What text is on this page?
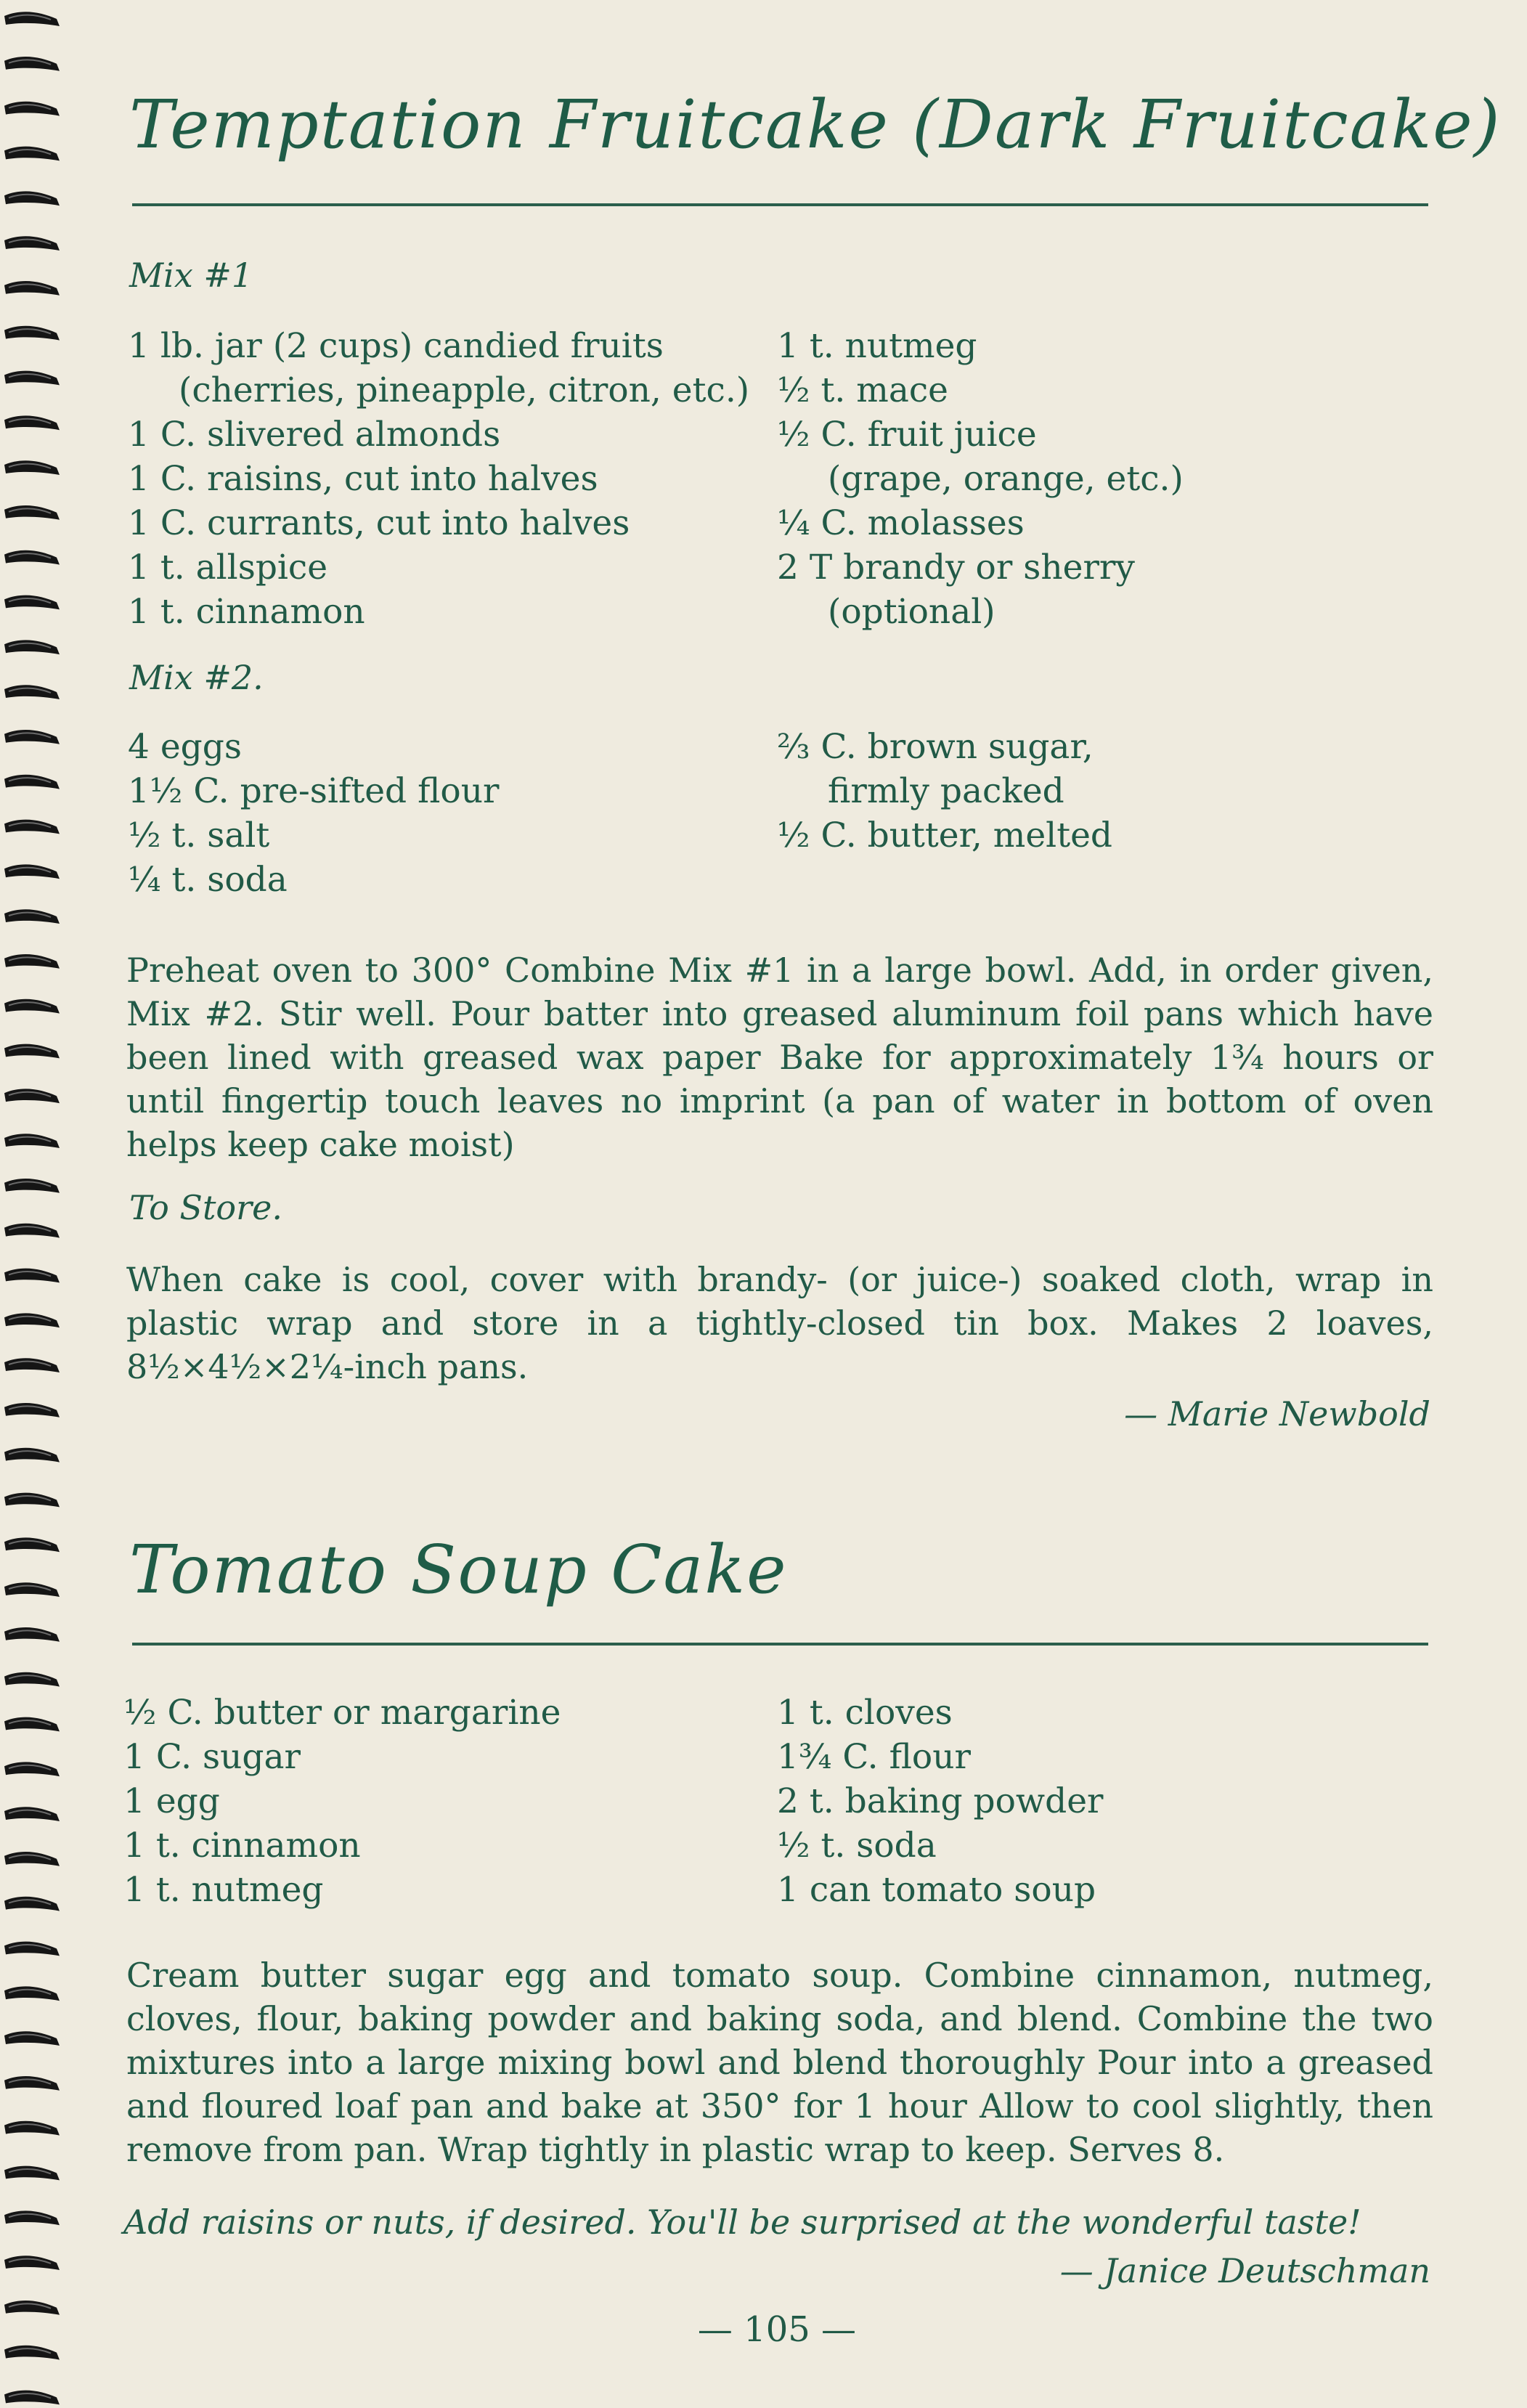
Temptation Fruitcake (Dark Fruitcake)
Mix #1
1 lb. jar (2 cups) candied fruits
(cherries, pineapple, citron, etc.)
1 C. slivered almonds
1 C. raisins, cut into halves
1 C. currants, cut into halves
1 t. allspice
1 t. cinnamon
1 t. nutmeg
½ t. mace
½ C. fruit juice
(grape, orange, etc.)
¼ C. molasses
2 T brandy or sherry
(optional)
Mix #2.
4 eggs
1½ C. pre-sifted flour
½ t. salt
¼ t. soda
⅔ C. brown sugar,
firmly packed
½ C. butter, melted
Preheat oven to 300° Combine Mix #1 in a large bowl. Add, in order given, Mix #2. Stir well. Pour batter into greased aluminum foil pans which have been lined with greased wax paper Bake for approximately 1¾ hours or until fingertip touch leaves no imprint (a pan of water in bottom of oven helps keep cake moist)
To Store.
When cake is cool, cover with brandy- (or juice-) soaked cloth, wrap in plastic wrap and store in a tightly-closed tin box. Makes 2 loaves, 8½×4½×2¼-inch pans.
— Marie Newbold
Tomato Soup Cake
½ C. butter or margarine
1 C. sugar
1 egg
1 t. cinnamon
1 t. nutmeg
1 t. cloves
1¾ C. flour
2 t. baking powder
½ t. soda
1 can tomato soup
Cream butter sugar egg and tomato soup. Combine cinnamon, nutmeg, cloves, flour, baking powder and baking soda, and blend. Combine the two mixtures into a large mixing bowl and blend thoroughly Pour into a greased and floured loaf pan and bake at 350° for 1 hour Allow to cool slightly, then remove from pan. Wrap tightly in plastic wrap to keep. Serves 8.
Add raisins or nuts, if desired. You'll be surprised at the wonderful taste!
— Janice Deutschman
— 105 —
